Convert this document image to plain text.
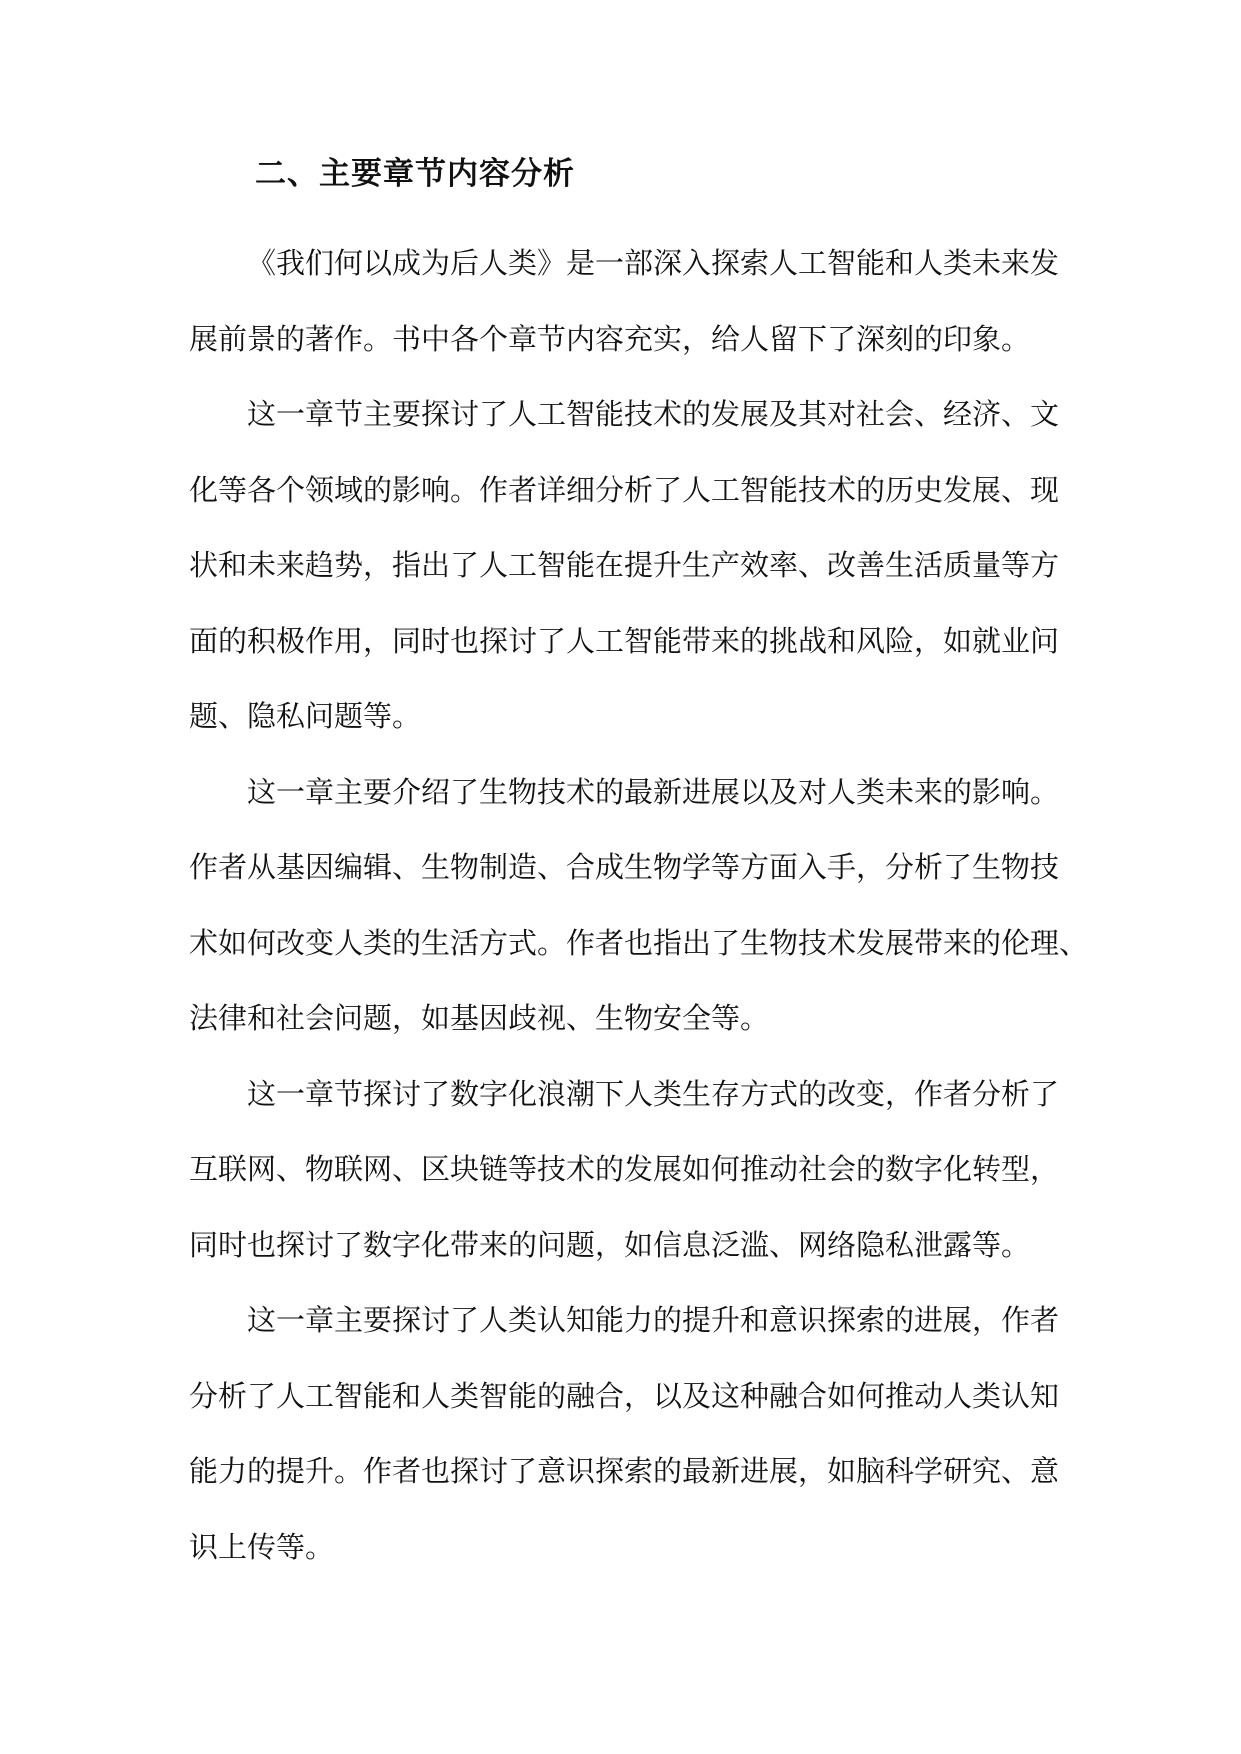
二、主要章节内容分析

《我们何以成为后人类》是一部深入探索人工智能和人类未来发
展前景的著作。书中各个章节内容充实，给人留下了深刻的印象。

这一章节主要探讨了人工智能技术的发展及其对社会、经济、文
化等各个领域的影响。作者详细分析了人工智能技术的历史发展、现
状和未来趋势，指出了人工智能在提升生产效率、改善生活质量等方
面的积极作用，同时也探讨了人工智能带来的挑战和风险，如就业问
题、隐私问题等。

这一章主要介绍了生物技术的最新进展以及对人类未来的影响。
作者从基因编辑、生物制造、合成生物学等方面入手，分析了生物技
术如何改变人类的生活方式。作者也指出了生物技术发展带来的伦理、
法律和社会问题，如基因歧视、生物安全等。

这一章节探讨了数字化浪潮下人类生存方式的改变，作者分析了
互联网、物联网、区块链等技术的发展如何推动社会的数字化转型，
同时也探讨了数字化带来的问题，如信息泛滥、网络隐私泄露等。

这一章主要探讨了人类认知能力的提升和意识探索的进展，作者
分析了人工智能和人类智能的融合，以及这种融合如何推动人类认知
能力的提升。作者也探讨了意识探索的最新进展，如脑科学研究、意
识上传等。
